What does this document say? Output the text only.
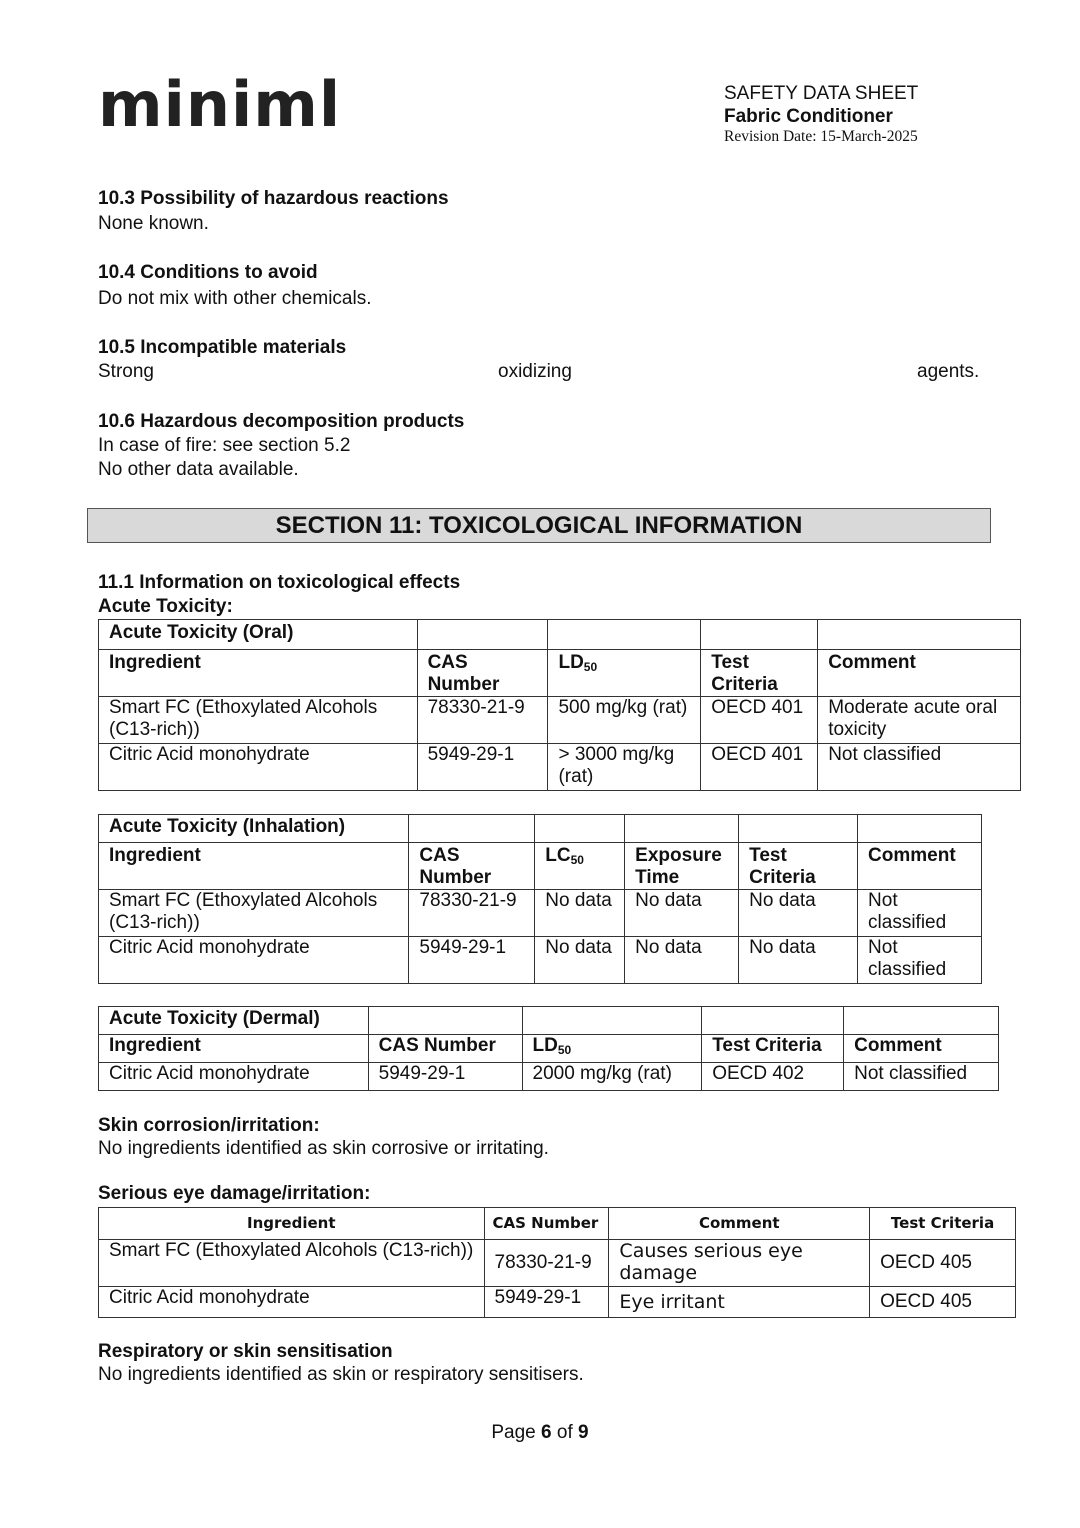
miniml	SAFETY DATA SHEET
Fabric Conditioner
Revision Date: 15-March-2025
10.3 Possibility of hazardous reactions
None known.
10.4 Conditions to avoid
Do not mix with other chemicals.
10.5 Incompatible materials
Strong	oxidizing	agents.
10.6 Hazardous decomposition products
In case of fire: see section 5.2
No other data available.
SECTION 11: TOXICOLOGICAL INFORMATION
11.1 Information on toxicological effects
Acute Toxicity:
Acute Toxicity (Oral)				
Ingredient	CAS Number	$LD_{50}$	Test Criteria	Comment
Smart FC (Ethoxylated Alcohols (C13-rich))	78330-21-9	500 mg/kg (rat)	OECD 401	Moderate acute oral toxicity
Citric Acid monohydrate	5949-29-1	> 3000 mg/kg (rat)	OECD 401	Not classified
Acute Toxicity (Inhalation)					
Ingredient	CAS Number	$LC_{50}$	Exposure Time	Test Criteria	Comment
Smart FC (Ethoxylated Alcohols (C13-rich))	78330-21-9	No data	No data	No data	Not classified
Citric Acid monohydrate	5949-29-1	No data	No data	No data	Not classified
Acute Toxicity (Dermal)				
Ingredient	CAS Number	$LD_{50}$	Test Criteria	Comment
Citric Acid monohydrate	5949-29-1	2000 mg/kg (rat)	OECD 402	Not classified
Skin corrosion/irritation:
No ingredients identified as skin corrosive or irritating.
Serious eye damage/irritation:
Ingredient	CAS Number	Comment	Test Criteria
Smart FC (Ethoxylated Alcohols (C13-rich))	78330-21-9	Causes serious eye damage	OECD 405
Citric Acid monohydrate	5949-29-1	Eye irritant	OECD 405
Respiratory or skin sensitisation
No ingredients identified as skin or respiratory sensitisers.
Page 6 of 9
